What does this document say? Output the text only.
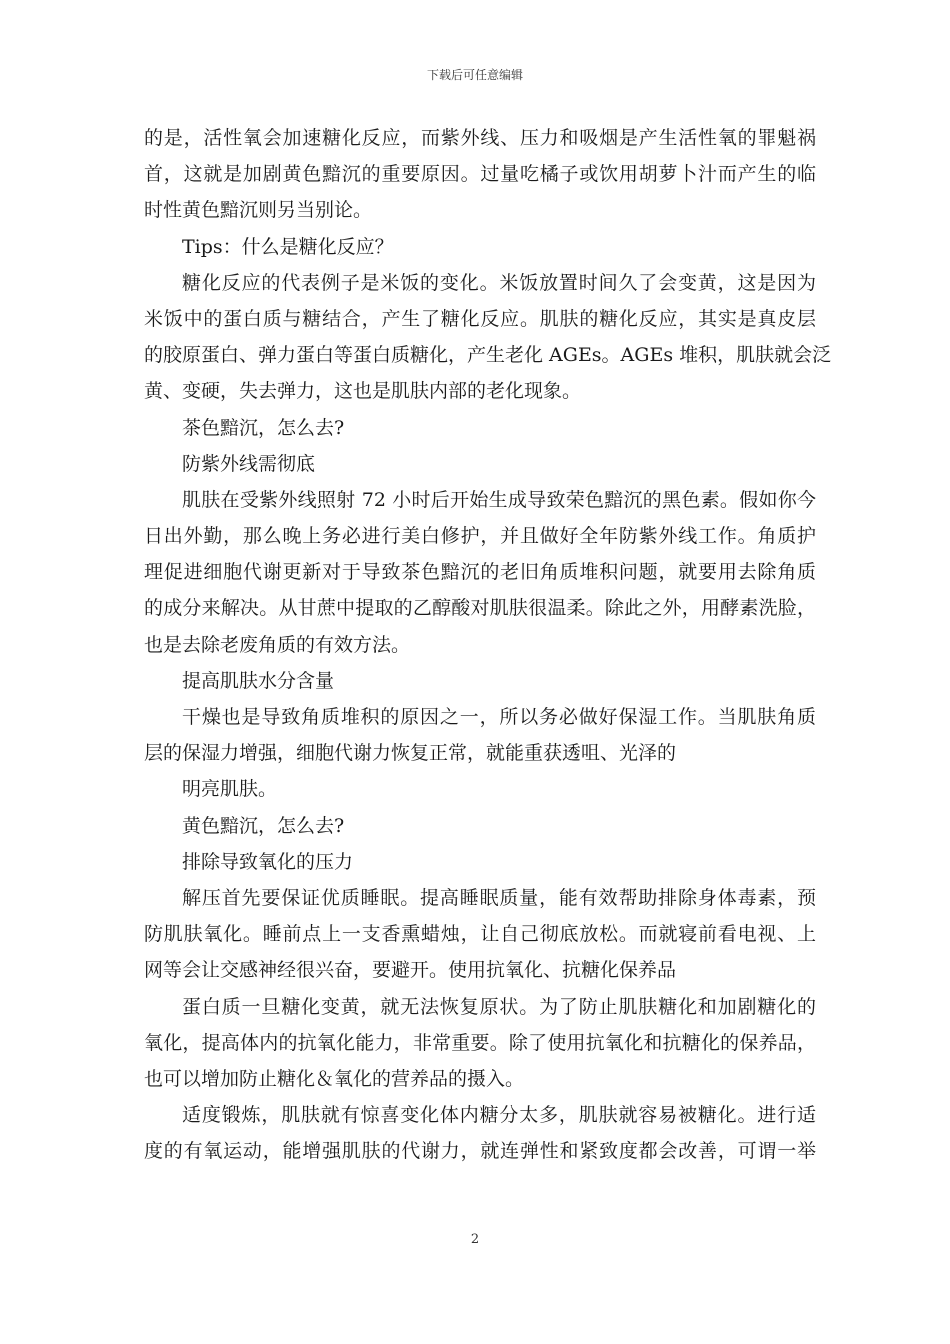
下载后可任意编辑
的是，活性氧会加速糖化反应，而紫外线、压力和吸烟是产生活性氧的罪魁祸
首，这就是加剧黄色黯沉的重要原因。过量吃橘子或饮用胡萝卜汁而产生的临
时性黄色黯沉则另当别论。
Tips：什么是糖化反应？
糖化反应的代表例子是米饭的变化。米饭放置时间久了会变黄，这是因为
米饭中的蛋白质与糖结合，产生了糖化反应。肌肤的糖化反应，其实是真皮层
的胶原蛋白、弹力蛋白等蛋白质糖化，产生老化 AGEs。AGEs 堆积，肌肤就会泛
黄、变硬，失去弹力，这也是肌肤内部的老化现象。
茶色黯沉，怎么去?
防紫外线需彻底
肌肤在受紫外线照射 72 小时后开始生成导致荣色黯沉的黑色素。假如你今
日出外勤，那么晚上务必进行美白修护，并且做好全年防紫外线工作。角质护
理促进细胞代谢更新对于导致茶色黯沉的老旧角质堆积问题，就要用去除角质
的成分来解决。从甘蔗中提取的乙醇酸对肌肤很温柔。除此之外，用酵素洗脸，
也是去除老废角质的有效方法。
提高肌肤水分含量
干燥也是导致角质堆积的原因之一，所以务必做好保湿工作。当肌肤角质
层的保湿力增强，细胞代谢力恢复正常，就能重获透咀、光泽的
明亮肌肤。
黄色黯沉，怎么去?
排除导致氧化的压力
解压首先要保证优质睡眠。提高睡眠质量，能有效帮助排除身体毒素，预
防肌肤氧化。睡前点上一支香熏蜡烛，让自己彻底放松。而就寝前看电视、上
网等会让交感神经很兴奋，要避开。使用抗氧化、抗糖化保养品
蛋白质一旦糖化变黄，就无法恢复原状。为了防止肌肤糖化和加剧糖化的
氧化，提高体内的抗氧化能力，非常重要。除了使用抗氧化和抗糖化的保养品，
也可以增加防止糖化＆氧化的营养品的摄入。
适度锻炼，肌肤就有惊喜变化体内糖分太多，肌肤就容易被糖化。进行适
度的有氧运动，能增强肌肤的代谢力，就连弹性和紧致度都会改善，可谓一举
2
